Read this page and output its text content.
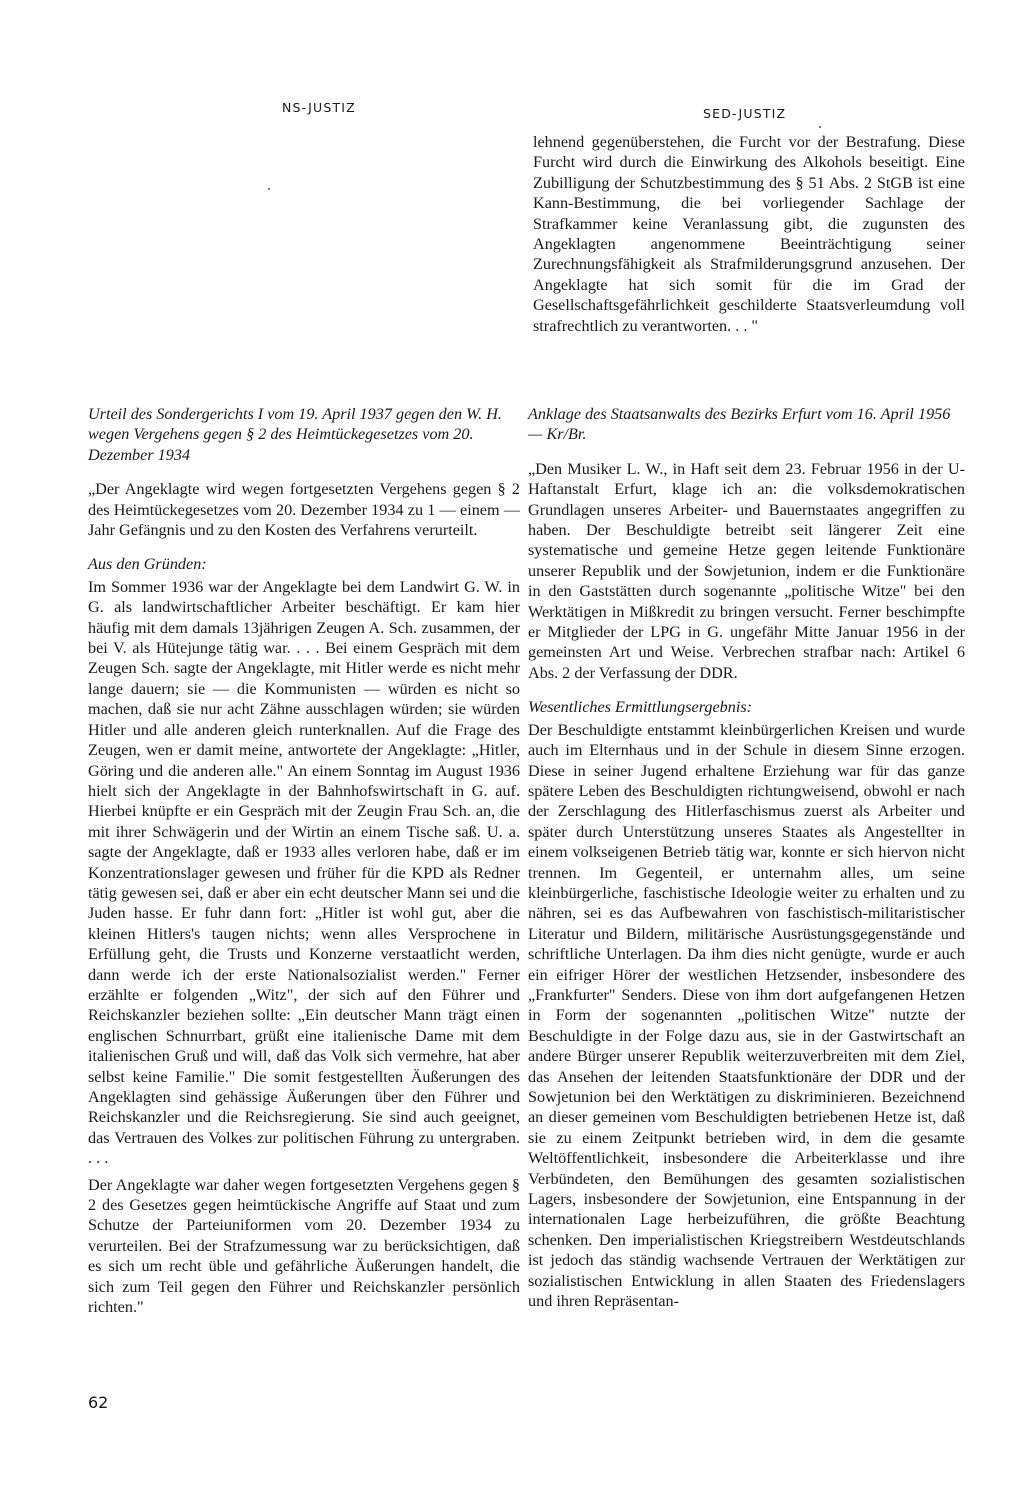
NS-JUSTIZ	SED-JUSTIZ

lehnend gegenüberstehen, die Furcht vor der Bestrafung. Diese Furcht wird durch die Einwirkung des Alkohols beseitigt. Eine Zubilligung der Schutzbestimmung des § 51 Abs. 2 StGB ist eine Kann-Bestimmung, die bei vorliegender Sachlage der Strafkammer keine Veranlassung gibt, die zugunsten des Angeklagten angenommene Beeinträchtigung seiner Zurechnungsfähigkeit als Strafmilderungsgrund anzusehen. Der Angeklagte hat sich somit für die im Grad der Gesellschaftsgefährlichkeit geschilderte Staatsverleumdung voll strafrechtlich zu verantworten. . . "

Urteil des Sondergerichts I vom 19. April 1937 gegen den W. H. wegen Vergehens gegen § 2 des Heimtückegesetzes vom 20. Dezember 1934

„Der Angeklagte wird wegen fortgesetzten Vergehens gegen § 2 des Heimtückegesetzes vom 20. Dezember 1934 zu 1 — einem — Jahr Gefängnis und zu den Kosten des Verfahrens verurteilt.

Aus den Gründen:

Im Sommer 1936 war der Angeklagte bei dem Landwirt G. W. in G. als landwirtschaftlicher Arbeiter beschäftigt. Er kam hier häufig mit dem damals 13jährigen Zeugen A. Sch. zusammen, der bei V. als Hütejunge tätig war. . . . Bei einem Gespräch mit dem Zeugen Sch. sagte der Angeklagte, mit Hitler werde es nicht mehr lange dauern; sie — die Kommunisten — würden es nicht so machen, daß sie nur acht Zähne ausschlagen würden; sie würden Hitler und alle anderen gleich runterknallen. Auf die Frage des Zeugen, wen er damit meine, antwortete der Angeklagte: „Hitler, Göring und die anderen alle." An einem Sonntag im August 1936 hielt sich der Angeklagte in der Bahnhofswirtschaft in G. auf. Hierbei knüpfte er ein Gespräch mit der Zeugin Frau Sch. an, die mit ihrer Schwägerin und der Wirtin an einem Tische saß. U. a. sagte der Angeklagte, daß er 1933 alles verloren habe, daß er im Konzentrationslager gewesen und früher für die KPD als Redner tätig gewesen sei, daß er aber ein echt deutscher Mann sei und die Juden hasse. Er fuhr dann fort: „Hitler ist wohl gut, aber die kleinen Hitlers's taugen nichts; wenn alles Versprochene in Erfüllung geht, die Trusts und Konzerne verstaatlicht werden, dann werde ich der erste Nationalsozialist werden." Ferner erzählte er folgenden „Witz", der sich auf den Führer und Reichskanzler beziehen sollte: „Ein deutscher Mann trägt einen englischen Schnurrbart, grüßt eine italienische Dame mit dem italienischen Gruß und will, daß das Volk sich vermehre, hat aber selbst keine Familie." Die somit festgestellten Äußerungen des Angeklagten sind gehässige Äußerungen über den Führer und Reichskanzler und die Reichsregierung. Sie sind auch geeignet, das Vertrauen des Volkes zur politischen Führung zu untergraben. . . .

Der Angeklagte war daher wegen fortgesetzten Vergehens gegen § 2 des Gesetzes gegen heimtückische Angriffe auf Staat und zum Schutze der Parteiuniformen vom 20. Dezember 1934 zu verurteilen. Bei der Strafzumessung war zu berücksichtigen, daß es sich um recht üble und gefährliche Äußerungen handelt, die sich zum Teil gegen den Führer und Reichskanzler persönlich richten."

Anklage des Staatsanwalts des Bezirks Erfurt vom 16. April 1956 — Kr/Br.

„Den Musiker L. W., in Haft seit dem 23. Februar 1956 in der U-Haftanstalt Erfurt, klage ich an: die volksdemokratischen Grundlagen unseres Arbeiter- und Bauernstaates angegriffen zu haben. Der Beschuldigte betreibt seit längerer Zeit eine systematische und gemeine Hetze gegen leitende Funktionäre unserer Republik und der Sowjetunion, indem er die Funktionäre in den Gaststätten durch sogenannte „politische Witze" bei den Werktätigen in Mißkredit zu bringen versucht. Ferner beschimpfte er Mitglieder der LPG in G. ungefähr Mitte Januar 1956 in der gemeinsten Art und Weise. Verbrechen strafbar nach: Artikel 6 Abs. 2 der Verfassung der DDR.

Wesentliches Ermittlungsergebnis:

Der Beschuldigte entstammt kleinbürgerlichen Kreisen und wurde auch im Elternhaus und in der Schule in diesem Sinne erzogen. Diese in seiner Jugend erhaltene Erziehung war für das ganze spätere Leben des Beschuldigten richtungweisend, obwohl er nach der Zerschlagung des Hitlerfaschismus zuerst als Arbeiter und später durch Unterstützung unseres Staates als Angestellter in einem volkseigenen Betrieb tätig war, konnte er sich hiervon nicht trennen. Im Gegenteil, er unternahm alles, um seine kleinbürgerliche, faschistische Ideologie weiter zu erhalten und zu nähren, sei es das Aufbewahren von faschistisch-militaristischer Literatur und Bildern, militärische Ausrüstungsgegenstände und schriftliche Unterlagen. Da ihm dies nicht genügte, wurde er auch ein eifriger Hörer der westlichen Hetzsender, insbesondere des „Frankfurter" Senders. Diese von ihm dort aufgefangenen Hetzen in Form der sogenannten „politischen Witze" nutzte der Beschuldigte in der Folge dazu aus, sie in der Gastwirtschaft an andere Bürger unserer Republik weiterzuverbreiten mit dem Ziel, das Ansehen der leitenden Staatsfunktionäre der DDR und der Sowjetunion bei den Werktätigen zu diskriminieren. Bezeichnend an dieser gemeinen vom Beschuldigten betriebenen Hetze ist, daß sie zu einem Zeitpunkt betrieben wird, in dem die gesamte Weltöffentlichkeit, insbesondere die Arbeiterklasse und ihre Verbündeten, den Bemühungen des gesamten sozialistischen Lagers, insbesondere der Sowjetunion, eine Entspannung in der internationalen Lage herbeizuführen, die größte Beachtung schenken. Den imperialistischen Kriegstreibern Westdeutschlands ist jedoch das ständig wachsende Vertrauen der Werktätigen zur sozialistischen Entwicklung in allen Staaten des Friedenslagers und ihren Repräsentan-

62
